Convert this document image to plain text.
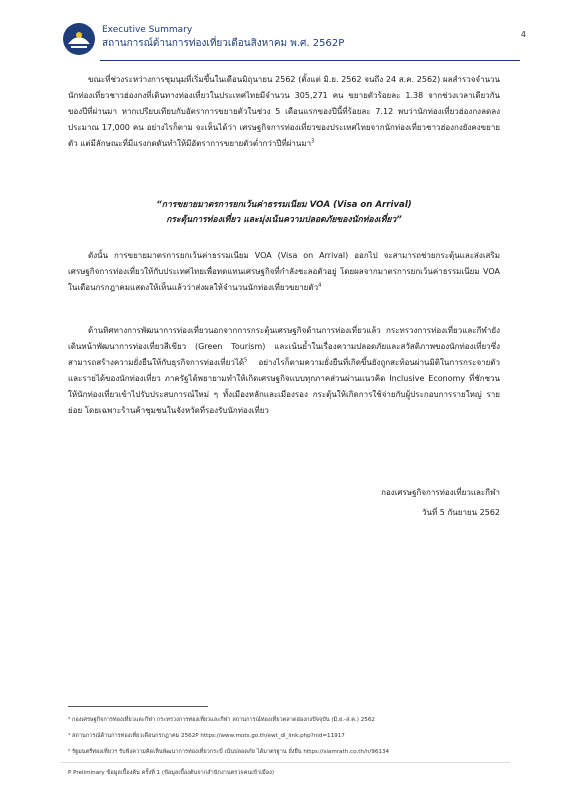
Executive Summary
สถานการณ์ด้านการท่องเที่ยวเดือนสิงหาคม พ.ศ. 2562P
4

ขณะที่ช่วงระหว่างการชุมนุมที่เริ่มขึ้นในเดือนมิถุนายน 2562 (ตั้งแต่ มิ.ย. 2562 จนถึง 24 ส.ค. 2562) ผลสำรวจจำนวนนักท่องเที่ยวชาวฮ่องกงที่เดินทางท่องเที่ยวในประเทศไทยมีจำนวน 305,271 คน ขยายตัวร้อยละ 1.38 จากช่วงเวลาเดียวกันของปีที่ผ่านมา หากเปรียบเทียบกับอัตราการขยายตัวในช่วง 5 เดือนแรกของปีนี้ที่ร้อยละ 7.12 พบว่านักท่องเที่ยวฮ่องกงลดลงประมาณ 17,000 คน อย่างไรก็ตาม จะเห็นได้ว่า เศรษฐกิจการท่องเที่ยวของประเทศไทยจากนักท่องเที่ยวชาวฮ่องกงยังคงขยายตัว แต่มีลักษณะที่มีแรงกดดันทำให้มีอัตราการขยายตัวต่ำกว่าปีที่ผ่านมา$^3$

“การขยายมาตรการยกเว้นค่าธรรมเนียม VOA (Visa on Arrival)
กระตุ้นการท่องเที่ยว และมุ่งเน้นความปลอดภัยของนักท่องเที่ยว”

ดังนั้น การขยายมาตรการยกเว้นค่าธรรมเนียม VOA (Visa on Arrival) ออกไป จะสามารถช่วยกระตุ้นและส่งเสริมเศรษฐกิจการท่องเที่ยวให้กับประเทศไทยเพื่อทดแทนเศรษฐกิจที่กำลังชะลอตัวอยู่ โดยผลจากมาตรการยกเว้นค่าธรรมเนียม VOA ในเดือนกรกฎาคมแสดงให้เห็นแล้วว่าส่งผลให้จำนวนนักท่องเที่ยวขยายตัว$^4$

ด้านทิศทางการพัฒนาการท่องเที่ยวนอกจากการกระตุ้นเศรษฐกิจด้านการท่องเที่ยวแล้ว กระทรวงการท่องเที่ยวและกีฬายังเดินหน้าพัฒนาการท่องเที่ยวสีเขียว (Green Tourism) และเน้นย้ำในเรื่องความปลอดภัยและสวัสดิภาพของนักท่องเที่ยวซึ่งสามารถสร้างความยั่งยืนให้กับธุรกิจการท่องเที่ยวได้$^5$ อย่างไรก็ตามความยั่งยืนที่เกิดขึ้นยังถูกสะท้อนผ่านมิติในการกระจายตัวและรายได้ของนักท่องเที่ยว ภาครัฐได้พยายามทำให้เกิดเศรษฐกิจแบบทุกภาคส่วนผ่านแนวคิด Inclusive Economy ที่ชักชวนให้นักท่องเที่ยวเข้าไปรับประสบการณ์ใหม่ ๆ ทั้งเมืองหลักและเมืองรอง กระตุ้นให้เกิดการใช้จ่ายกับผู้ประกอบการรายใหญ่ รายย่อย โดยเฉพาะร้านค้าชุมชนในจังหวัดที่รองรับนักท่องเที่ยว

กองเศรษฐกิจการท่องเที่ยวและกีฬา
วันที่ 5 กันยายน 2562
³ กองเศรษฐกิจการท่องเที่ยวและกีฬา กระทรวงการท่องเที่ยวและกีฬา สถานการณ์ท่องเที่ยวตลาดฮ่องกงปัจจุบัน (มิ.ย.-ส.ค.) 2562
⁴ สถานการณ์ด้านการท่องเที่ยวเดือนกรกฎาคม 2562P https://www.mots.go.th/ewt_dl_link.php?nid=11917
⁵ รัฐมนตรีท่องเที่ยวฯ รับฟังความคิดเห็นพัฒนาการท่องเที่ยวกระบี่ เน้นปลอดภัย ได้มาตรฐาน ยั่งยืน https://siamrath.co.th/n/96134
P Preliminary ข้อมูลเบื้องต้น ครั้งที่ 1 (ข้อมูลเบื้องต้นจากสำนักงานตรวจคนเข้าเมือง)
